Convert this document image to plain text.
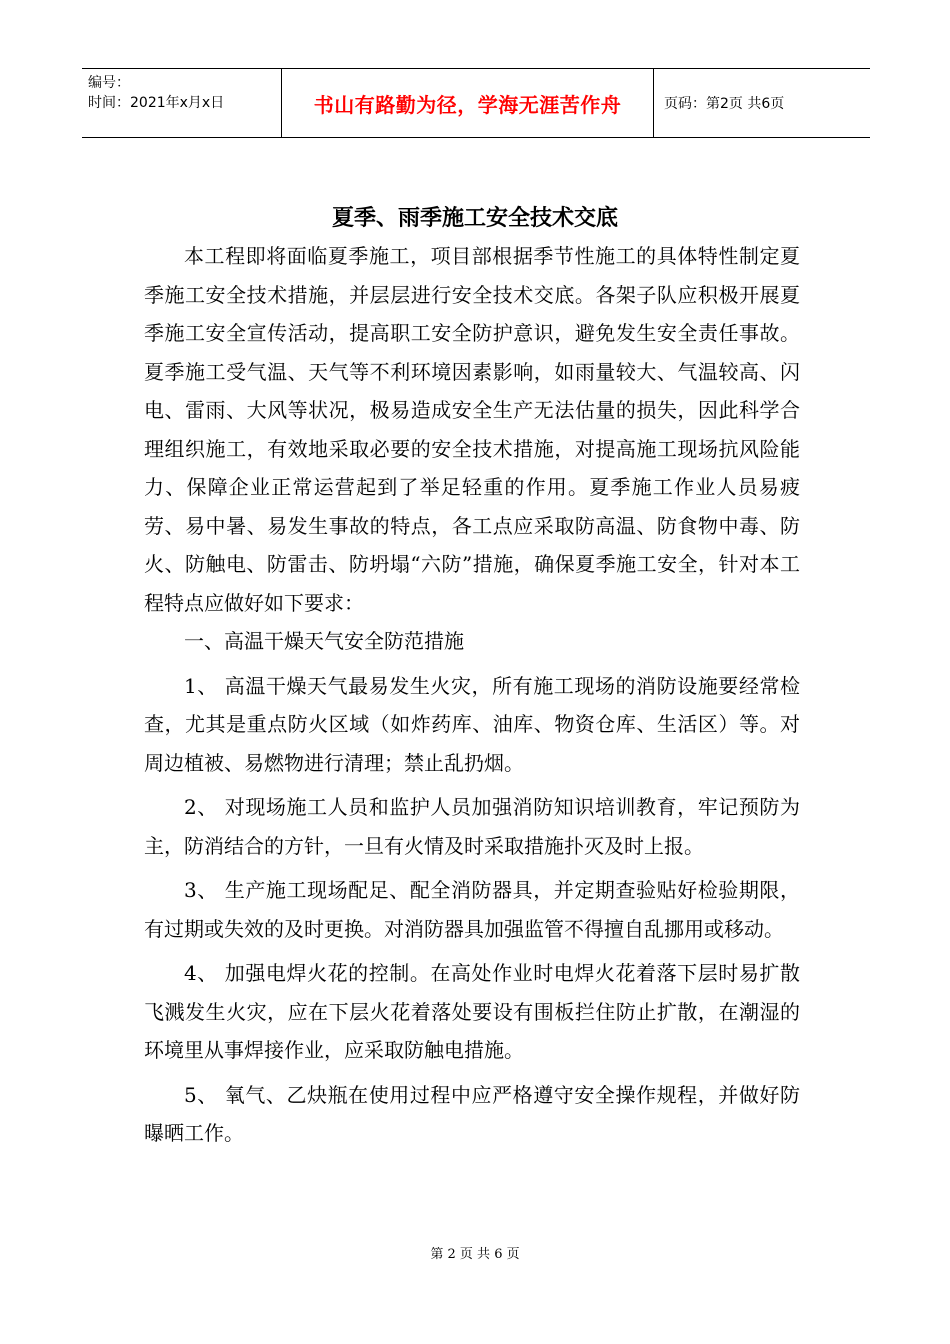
编号：
时间：2021年x月x日	书山有路勤为径，学海无涯苦作舟	页码：第2页 共6页
夏季、雨季施工安全技术交底

本工程即将面临夏季施工，项目部根据季节性施工的具体特性制定夏季施工安全技术措施，并层层进行安全技术交底。各架子队应积极开展夏季施工安全宣传活动，提高职工安全防护意识，避免发生安全责任事故。夏季施工受气温、天气等不利环境因素影响，如雨量较大、气温较高、闪电、雷雨、大风等状况，极易造成安全生产无法估量的损失，因此科学合理组织施工，有效地采取必要的安全技术措施，对提高施工现场抗风险能力、保障企业正常运营起到了举足轻重的作用。夏季施工作业人员易疲劳、易中暑、易发生事故的特点，各工点应采取防高温、防食物中毒、防火、防触电、防雷击、防坍塌“六防”措施，确保夏季施工安全，针对本工程特点应做好如下要求：

一、高温干燥天气安全防范措施

1、 高温干燥天气最易发生火灾，所有施工现场的消防设施要经常检查，尤其是重点防火区域（如炸药库、油库、物资仓库、生活区）等。对周边植被、易燃物进行清理；禁止乱扔烟。

2、 对现场施工人员和监护人员加强消防知识培训教育，牢记预防为主，防消结合的方针，一旦有火情及时采取措施扑灭及时上报。

3、 生产施工现场配足、配全消防器具，并定期查验贴好检验期限，有过期或失效的及时更换。对消防器具加强监管不得擅自乱挪用或移动。

4、 加强电焊火花的控制。在高处作业时电焊火花着落下层时易扩散飞溅发生火灾，应在下层火花着落处要设有围板拦住防止扩散，在潮湿的环境里从事焊接作业，应采取防触电措施。

5、 氧气、乙炔瓶在使用过程中应严格遵守安全操作规程，并做好防曝晒工作。

第 2 页 共 6 页
